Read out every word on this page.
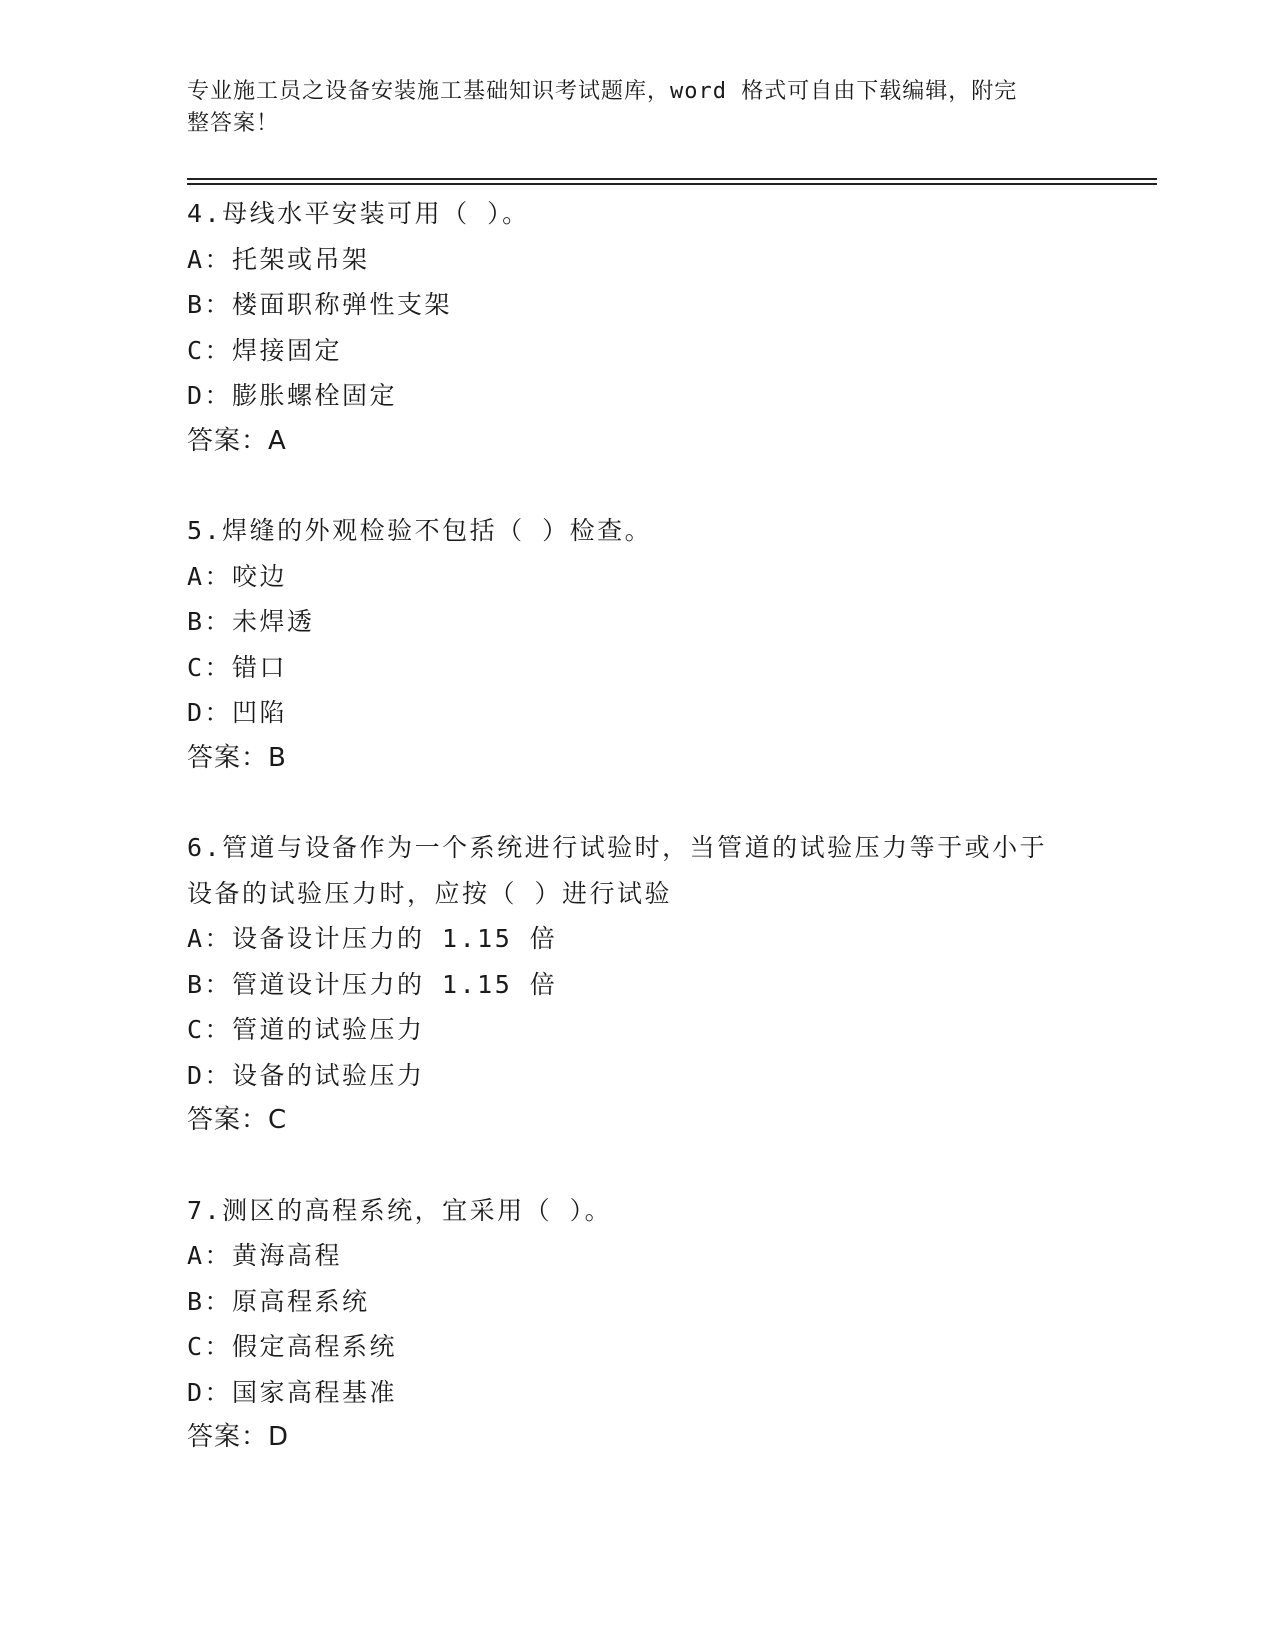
专业施工员之设备安装施工基础知识考试题库，word 格式可自由下载编辑，附完
整答案！
4.母线水平安装可用（ ）。
A：托架或吊架
B：楼面职称弹性支架
C：焊接固定
D：膨胀螺栓固定
答案：A
5.焊缝的外观检验不包括（ ）检查。
A：咬边
B：未焊透
C：错口
D：凹陷
答案：B
6.管道与设备作为一个系统进行试验时，当管道的试验压力等于或小于设备的试验压力时，应按（ ）进行试验
A：设备设计压力的 1.15 倍
B：管道设计压力的 1.15 倍
C：管道的试验压力
D：设备的试验压力
答案：C
7.测区的高程系统，宜采用（ ）。
A：黄海高程
B：原高程系统
C：假定高程系统
D：国家高程基准
答案：D
